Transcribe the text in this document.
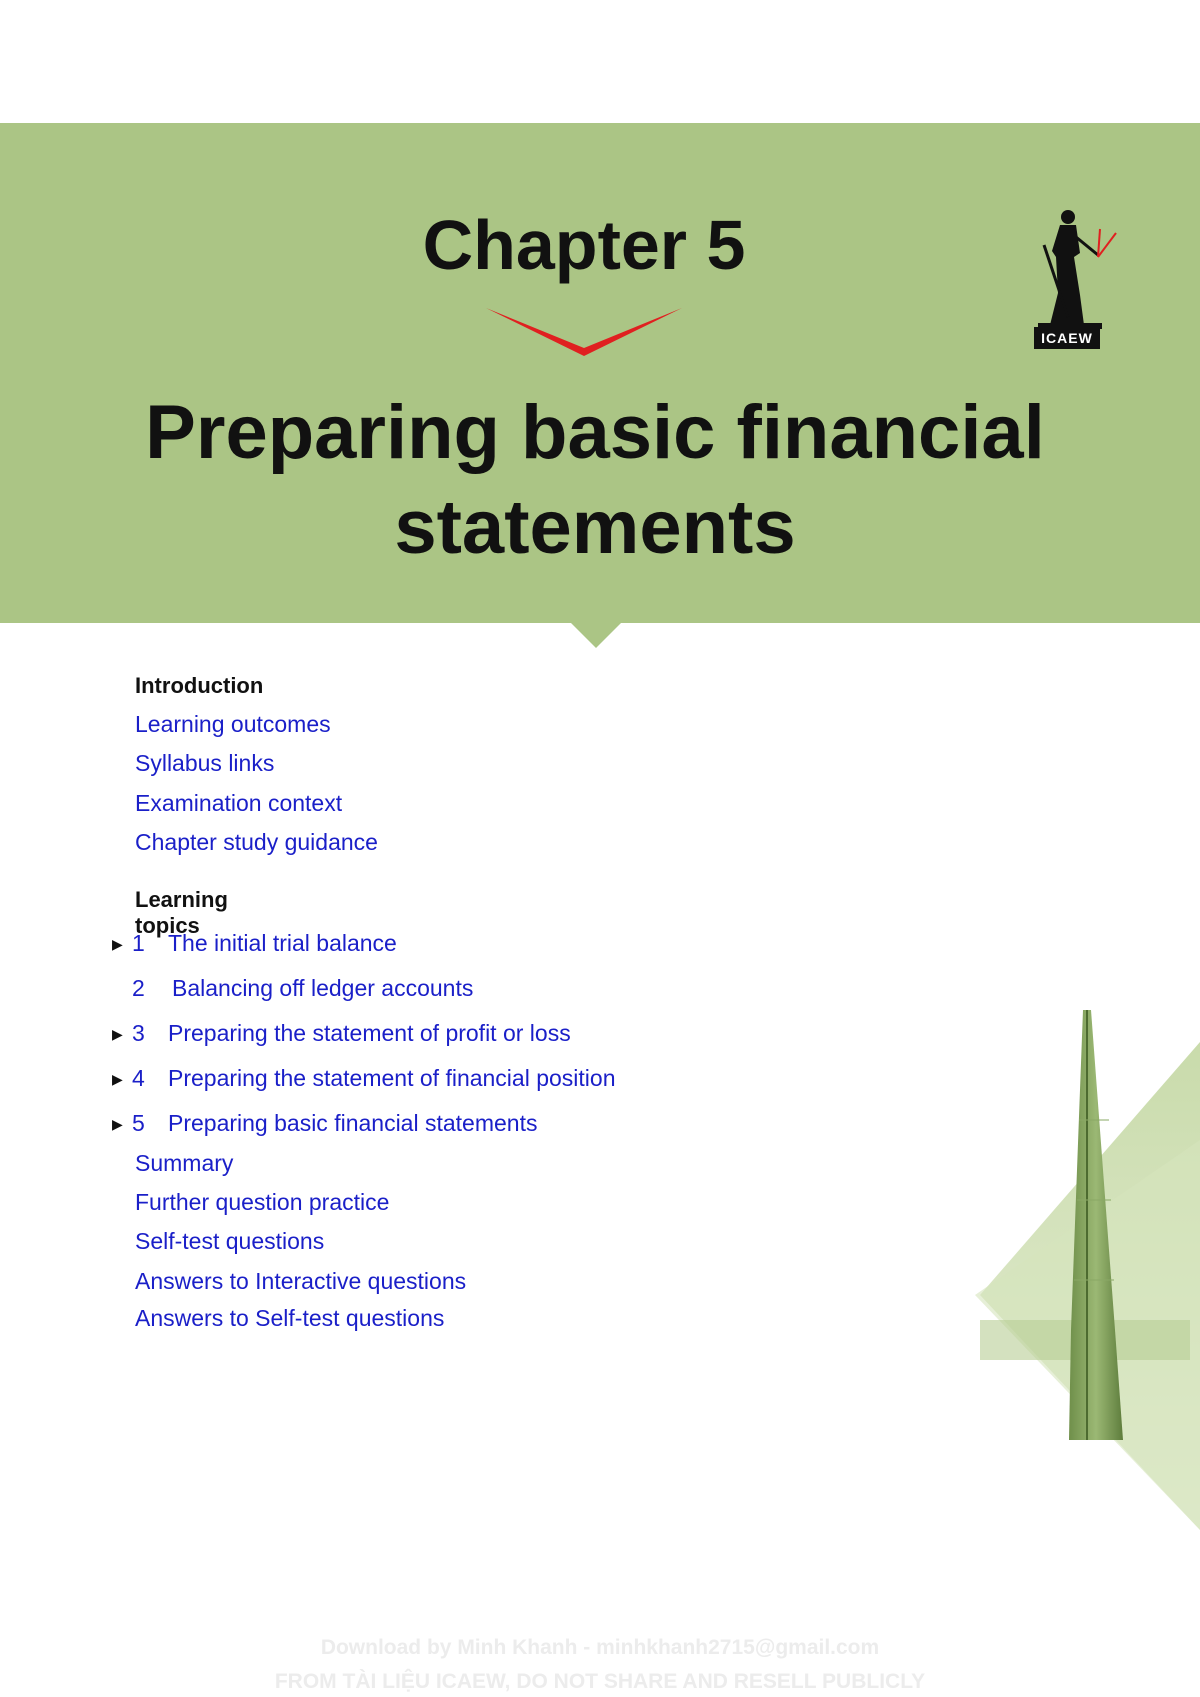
Chapter 5
Preparing basic financial
statements
ICAEW
Introduction
Learning outcomes
Syllabus links
Examination context
Chapter study guidance
Learning topics
▶ 1 The initial trial balance
2 Balancing off ledger accounts
▶ 3 Preparing the statement of profit or loss
▶ 4 Preparing the statement of financial position
▶ 5 Preparing basic financial statements
Summary
Further question practice
Self-test questions
Answers to Interactive questions
Answers to Self-test questions
Download by Minh Khanh - minhkhanh2715@gmail.com
FROM TÀI LIỆU ICAEW, DO NOT SHARE AND RESELL PUBLICLY
